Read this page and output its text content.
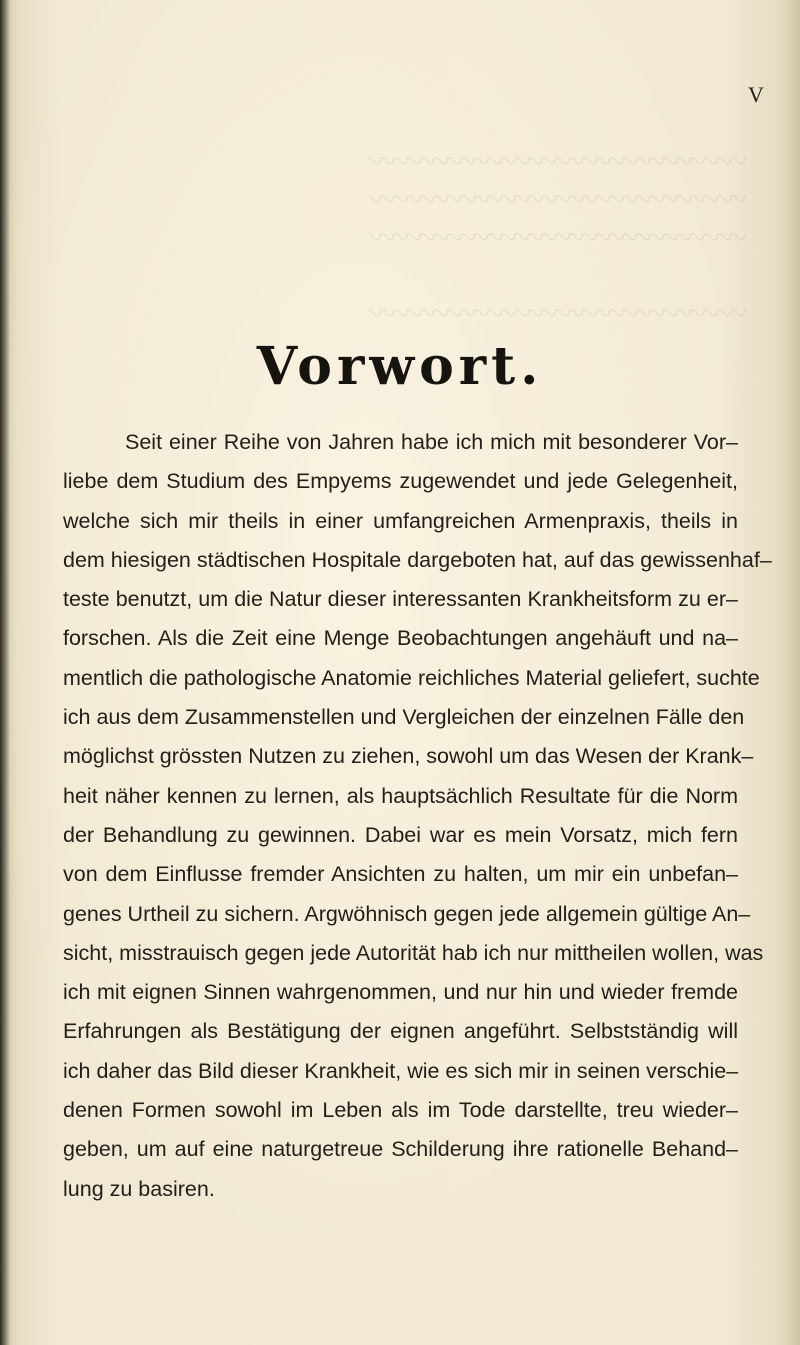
〰〰〰〰〰〰〰〰〰〰〰〰〰〰
〰〰〰〰〰〰〰〰〰〰〰〰〰〰
〰〰〰〰〰〰〰〰〰〰〰〰〰〰
〰〰〰〰〰〰〰〰〰〰〰〰〰〰
V
Vorwort.
Seit einer Reihe von Jahren habe ich mich mit besonderer Vor–
liebe dem Studium des Empyems zugewendet und jede Gelegenheit,
welche sich mir theils in einer umfangreichen Armenpraxis, theils in
dem hiesigen städtischen Hospitale dargeboten hat, auf das gewissenhaf–
teste benutzt, um die Natur dieser interessanten Krankheitsform zu er–
forschen. Als die Zeit eine Menge Beobachtungen angehäuft und na–
mentlich die pathologische Anatomie reichliches Material geliefert, suchte
ich aus dem Zusammenstellen und Vergleichen der einzelnen Fälle den
möglichst grössten Nutzen zu ziehen, sowohl um das Wesen der Krank–
heit näher kennen zu lernen, als hauptsächlich Resultate für die Norm
der Behandlung zu gewinnen. Dabei war es mein Vorsatz, mich fern
von dem Einflusse fremder Ansichten zu halten, um mir ein unbefan–
genes Urtheil zu sichern. Argwöhnisch gegen jede allgemein gültige An–
sicht, misstrauisch gegen jede Autorität hab ich nur mittheilen wollen, was
ich mit eignen Sinnen wahrgenommen, und nur hin und wieder fremde
Erfahrungen als Bestätigung der eignen angeführt. Selbstständig will
ich daher das Bild dieser Krankheit, wie es sich mir in seinen verschie–
denen Formen sowohl im Leben als im Tode darstellte, treu wieder–
geben, um auf eine naturgetreue Schilderung ihre rationelle Behand–
lung zu basiren.
